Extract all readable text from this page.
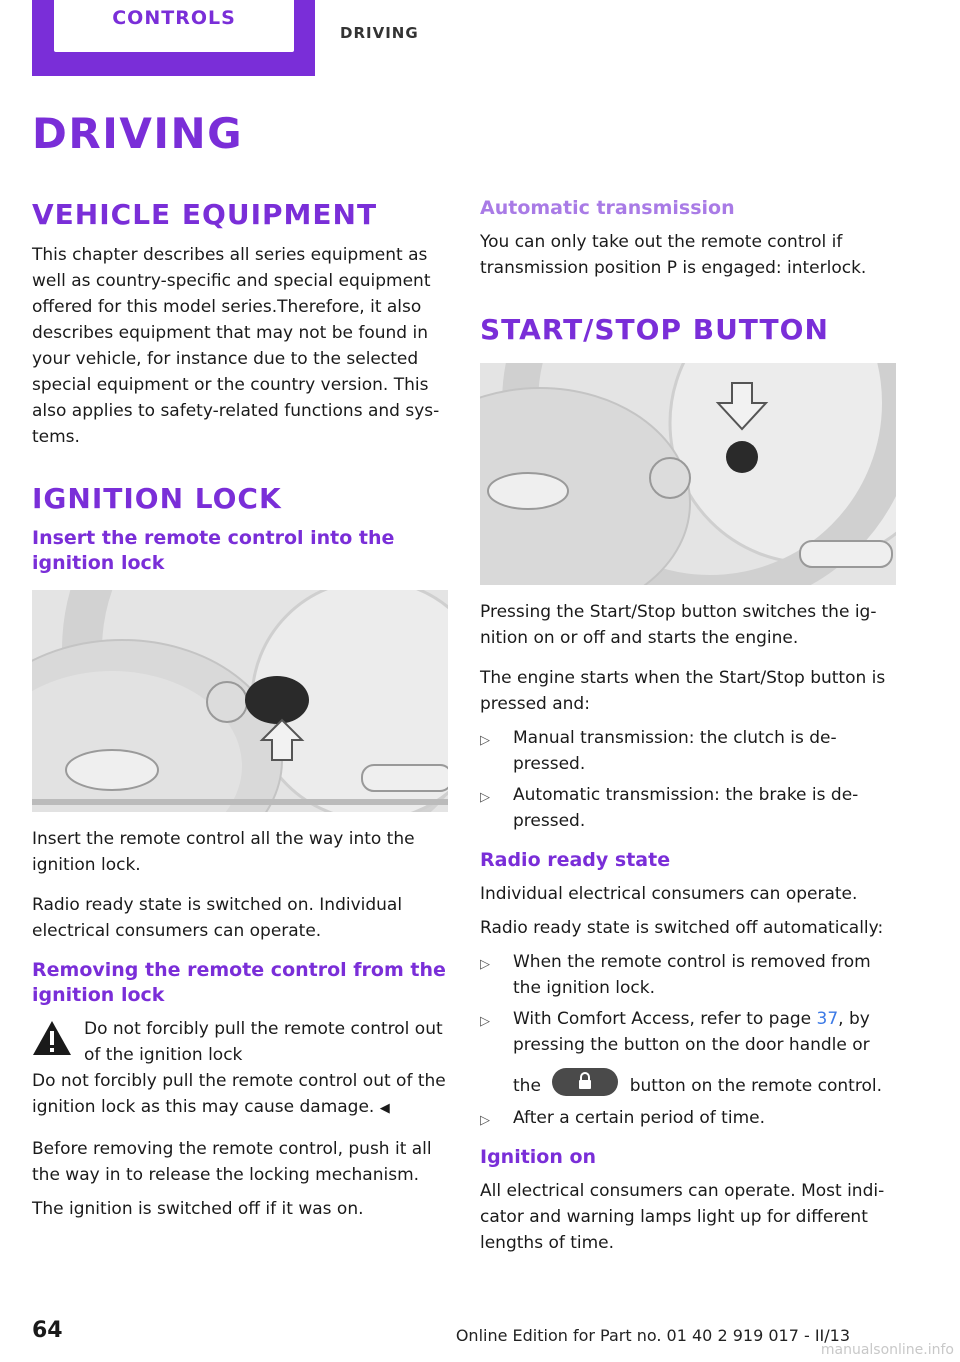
CONTROLS
DRIVING
DRIVING
VEHICLE EQUIPMENT

This chapter describes all series equipment as well as country-specific and special equipment offered for this model series.Therefore, it also describes equipment that may not be found in your vehicle, for instance due to the selected special equipment or the country version. This also applies to safety-related functions and sys‐tems.

IGNITION LOCK
Insert the remote control into the ignition lock

Insert the remote control all the way into the ignition lock.

Radio ready state is switched on. Individual electrical consumers can operate.

Removing the remote control from the ignition lock

Do not forcibly pull the remote control out of the ignition lock

Do not forcibly pull the remote control out of the ignition lock as this may cause damage. ◀

Before removing the remote control, push it all the way in to release the locking mechanism.

The ignition is switched off if it was on.

Automatic transmission

You can only take out the remote control if transmission position P is engaged: interlock.

START/STOP BUTTON

Pressing the Start/Stop button switches the ig‐nition on or off and starts the engine.

The engine starts when the Start/Stop button is pressed and:

▷ Manual transmission: the clutch is de‐pressed.
▷ Automatic transmission: the brake is de‐pressed.
Radio ready state

Individual electrical consumers can operate.

Radio ready state is switched off automatically:

▷ When the remote control is removed from the ignition lock.
▷ With Comfort Access, refer to page 37, by pressing the button on the door handle or
the	button on the remote control.
▷ After a certain period of time.
Ignition on

All electrical consumers can operate. Most indi‐cator and warning lamps light up for different lengths of time.

64	Online Edition for Part no. 01 40 2 919 017 - II/13
manualsonline.info
